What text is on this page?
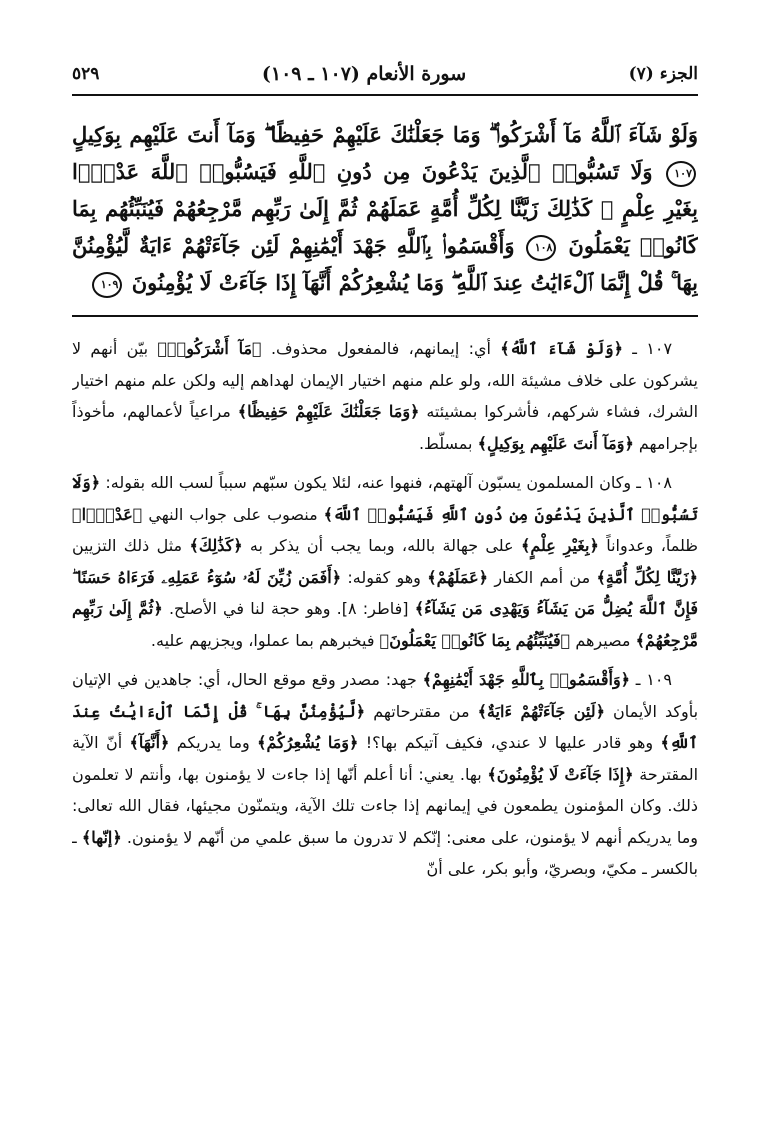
الجزء (٧)
سورة الأنعام (١٠٧ ـ ١٠٩)
٥٢٩

وَلَوْ شَآءَ ٱللَّهُ مَآ أَشْرَكُوا۟ ۗ وَمَا جَعَلْنَٰكَ عَلَيْهِمْ حَفِيظًا ۖ وَمَآ أَنتَ عَلَيْهِم بِوَكِيلٍ ١٠٧ وَلَا تَسُبُّوا۟ ٱلَّذِينَ يَدْعُونَ مِن دُونِ ٱللَّهِ فَيَسُبُّوا۟ ٱللَّهَ عَدْوًۢا بِغَيْرِ عِلْمٍ ۗ كَذَٰلِكَ زَيَّنَّا لِكُلِّ أُمَّةٍ عَمَلَهُمْ ثُمَّ إِلَىٰ رَبِّهِم مَّرْجِعُهُمْ فَيُنَبِّئُهُم بِمَا كَانُوا۟ يَعْمَلُونَ ١٠٨ وَأَقْسَمُوا۟ بِٱللَّهِ جَهْدَ أَيْمَٰنِهِمْ لَئِن جَآءَتْهُمْ ءَايَةٌ لَّيُؤْمِنُنَّ بِهَا ۚ قُلْ إِنَّمَا ٱلْءَايَٰتُ عِندَ ٱللَّهِ ۖ وَمَا يُشْعِرُكُمْ أَنَّهَآ إِذَا جَآءَتْ لَا يُؤْمِنُونَ ١٠٩

١٠٧ ـ ﴿وَلَوْ شَآءَ ٱللَّهُ﴾ أي: إيمانهم، فالمفعول محذوف. ﴿مَآ أَشْرَكُوا۟﴾ بيّن أنهم لا يشركون على خلاف مشيئة الله، ولو علم منهم اختيار الإيمان لهداهم إليه ولكن علم منهم اختيار الشرك، فشاء شركهم، فأشركوا بمشيئته ﴿وَمَا جَعَلْنَٰكَ عَلَيْهِمْ حَفِيظًا﴾ مراعياً لأعمالهم، مأخوذاً بإجرامهم ﴿وَمَآ أَنتَ عَلَيْهِم بِوَكِيلٍ﴾ بمسلّط.

١٠٨ ـ وكان المسلمون يسبّون آلهتهم، فنهوا عنه، لئلا يكون سبّهم سبباً لسب الله بقوله: ﴿وَلَا تَسُبُّوا۟ ٱلَّذِينَ يَدْعُونَ مِن دُونِ ٱللَّهِ فَيَسُبُّوا۟ ٱللَّهَ﴾ منصوب على جواب النهي ﴿عَدْوًۢا﴾ ظلماً، وعدواناً ﴿بِغَيْرِ عِلْمٍ﴾ على جهالة بالله، وبما يجب أن يذكر به ﴿كَذَٰلِكَ﴾ مثل ذلك التزيين ﴿زَيَّنَّا لِكُلِّ أُمَّةٍ﴾ من أمم الكفار ﴿عَمَلَهُمْ﴾ وهو كقوله: ﴿أَفَمَن زُيِّنَ لَهُۥ سُوٓءُ عَمَلِهِۦ فَرَءَاهُ حَسَنًا ۖ فَإِنَّ ٱللَّهَ يُضِلُّ مَن يَشَآءُ وَيَهْدِى مَن يَشَآءُ﴾ [فاطر: ٨]. وهو حجة لنا في الأصلح. ﴿ثُمَّ إِلَىٰ رَبِّهِم مَّرْجِعُهُمْ﴾ مصيرهم ﴿فَيُنَبِّئُهُم بِمَا كَانُوا۟ يَعْمَلُونَ﴾ فيخبرهم بما عملوا، ويجزيهم عليه.

١٠٩ ـ ﴿وَأَقْسَمُوا۟ بِٱللَّهِ جَهْدَ أَيْمَٰنِهِمْ﴾ جهد: مصدر وقع موقع الحال، أي: جاهدين في الإتيان بأوكد الأيمان ﴿لَئِن جَآءَتْهُمْ ءَايَةٌ﴾ من مقترحاتهم ﴿لَّيُؤْمِنُنَّ بِهَا ۚ قُلْ إِنَّمَا ٱلْءَايَٰتُ عِندَ ٱللَّهِ﴾ وهو قادر عليها لا عندي، فكيف آتيكم بها؟! ﴿وَمَا يُشْعِرُكُمْ﴾ وما يدريكم ﴿أَنَّهَآ﴾ أنّ الآية المقترحة ﴿إِذَا جَآءَتْ لَا يُؤْمِنُونَ﴾ بها. يعني: أنا أعلم أنّها إذا جاءت لا يؤمنون بها، وأنتم لا تعلمون ذلك. وكان المؤمنون يطمعون في إيمانهم إذا جاءت تلك الآية، ويتمنّون مجيئها، فقال الله تعالى: وما يدريكم أنهم لا يؤمنون، على معنى: إنّكم لا تدرون ما سبق علمي من أنّهم لا يؤمنون. ﴿إنّها﴾ ـ بالكسر ـ مكيّ، وبصريّ، وأبو بكر، على أنّ
